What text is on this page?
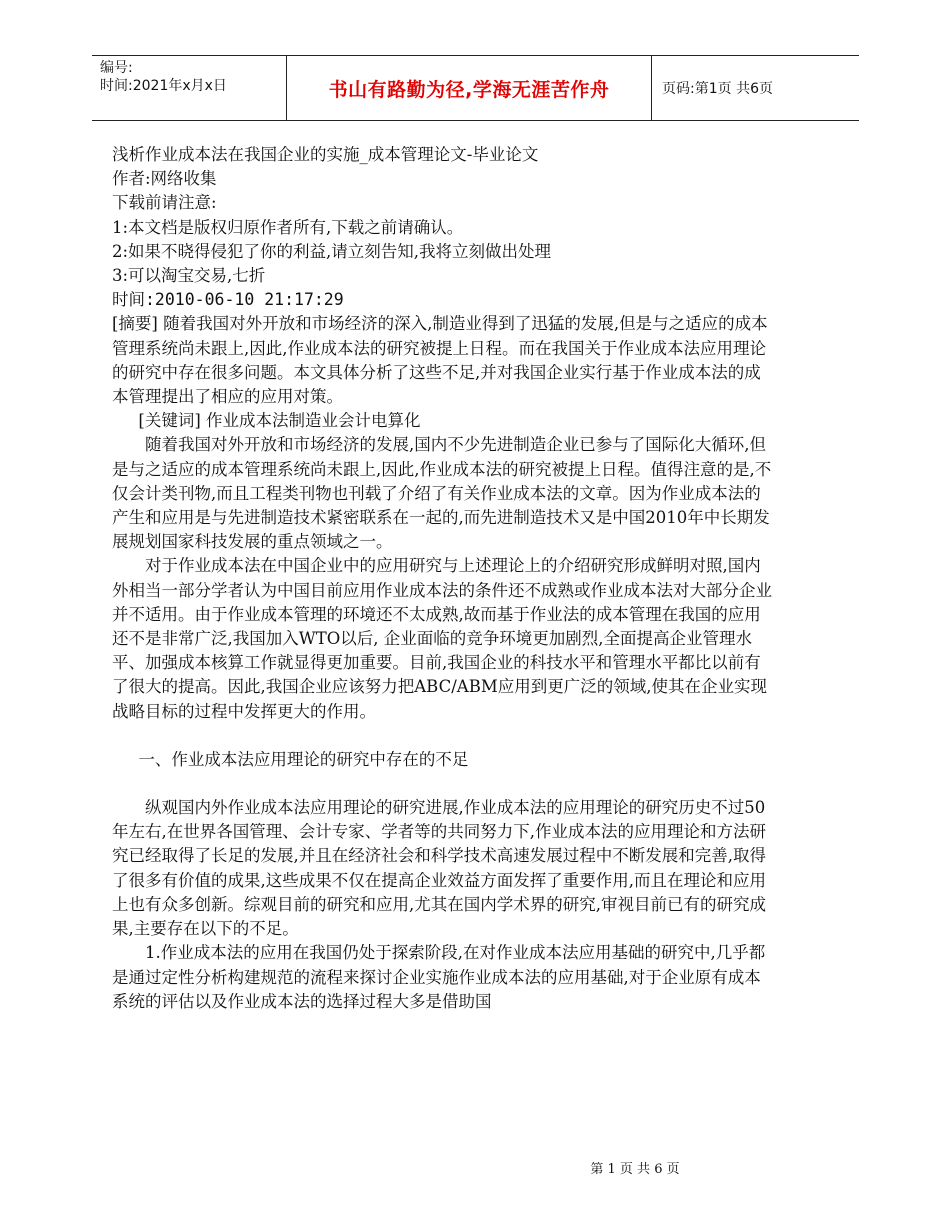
编号:
时间:2021年x月x日	书山有路勤为径,学海无涯苦作舟	页码:第1页 共6页

浅析作业成本法在我国企业的实施_成本管理论文-毕业论文

作者:网络收集

下载前请注意:

1:本文档是版权归原作者所有,下载之前请确认。

2:如果不晓得侵犯了你的利益,请立刻告知,我将立刻做出处理

3:可以淘宝交易,七折

时间:2010-06-10 21:17:29

[摘要] 随着我国对外开放和市场经济的深入,制造业得到了迅猛的发展,但是与之适应的成本管理系统尚未跟上,因此,作业成本法的研究被提上日程。而在我国关于作业成本法应用理论的研究中存在很多问题。本文具体分析了这些不足,并对我国企业实行基于作业成本法的成本管理提出了相应的应用对策。

[关键词] 作业成本法制造业会计电算化

随着我国对外开放和市场经济的发展,国内不少先进制造企业已参与了国际化大循环,但是与之适应的成本管理系统尚未跟上,因此,作业成本法的研究被提上日程。值得注意的是,不仅会计类刊物,而且工程类刊物也刊载了介绍了有关作业成本法的文章。因为作业成本法的产生和应用是与先进制造技术紧密联系在一起的,而先进制造技术又是中国2010年中长期发展规划国家科技发展的重点领域之一。

对于作业成本法在中国企业中的应用研究与上述理论上的介绍研究形成鲜明对照,国内外相当一部分学者认为中国目前应用作业成本法的条件还不成熟或作业成本法对大部分企业并不适用。由于作业成本管理的环境还不太成熟,故而基于作业法的成本管理在我国的应用还不是非常广泛,我国加入WTO以后, 企业面临的竞争环境更加剧烈,全面提高企业管理水平、加强成本核算工作就显得更加重要。目前,我国企业的科技水平和管理水平都比以前有了很大的提高。因此,我国企业应该努力把ABC/ABM应用到更广泛的领域,使其在企业实现战略目标的过程中发挥更大的作用。

一、作业成本法应用理论的研究中存在的不足

纵观国内外作业成本法应用理论的研究进展,作业成本法的应用理论的研究历史不过50年左右,在世界各国管理、会计专家、学者等的共同努力下,作业成本法的应用理论和方法研究已经取得了长足的发展,并且在经济社会和科学技术高速发展过程中不断发展和完善,取得了很多有价值的成果,这些成果不仅在提高企业效益方面发挥了重要作用,而且在理论和应用上也有众多创新。综观目前的研究和应用,尤其在国内学术界的研究,审视目前已有的研究成果,主要存在以下的不足。

1.作业成本法的应用在我国仍处于探索阶段,在对作业成本法应用基础的研究中,几乎都是通过定性分析构建规范的流程来探讨企业实施作业成本法的应用基础,对于企业原有成本系统的评估以及作业成本法的选择过程大多是借助国

第 1 页 共 6 页
